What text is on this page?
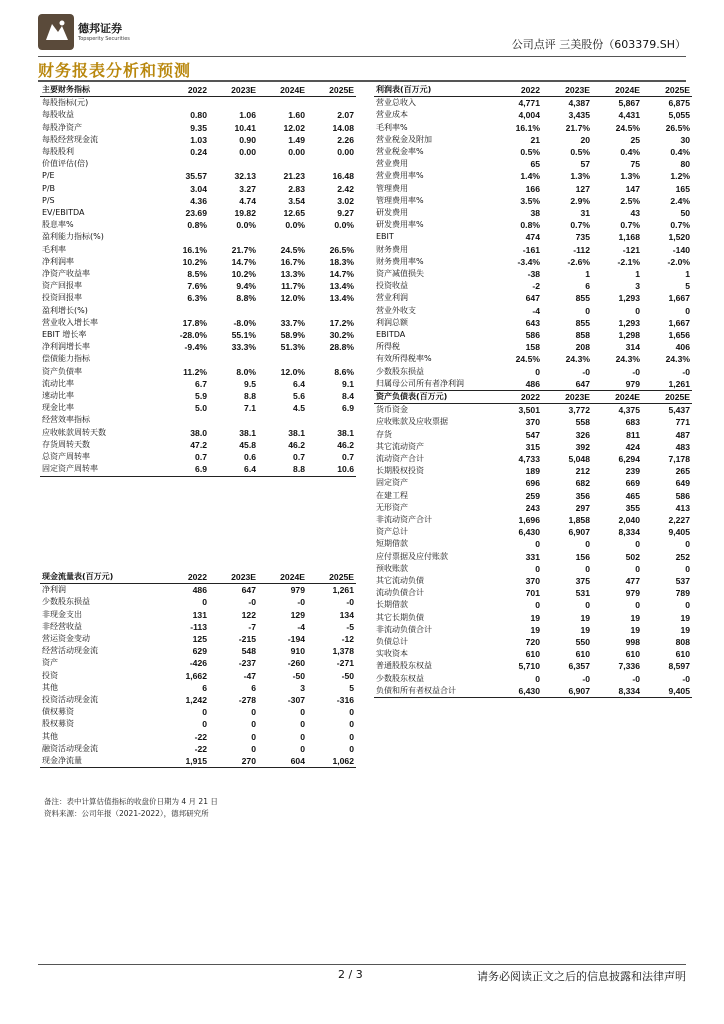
德邦证券
Topsperity Securities	公司点评 三美股份（603379.SH）
财务报表分析和预测
主要财务指标	2022	2023E	2024E	2025E
每股指标(元)				
每股收益	0.80	1.06	1.60	2.07
每股净资产	9.35	10.41	12.02	14.08
每股经营现金流	1.03	0.90	1.49	2.26
每股股利	0.24	0.00	0.00	0.00
价值评估(倍)				
P/E	35.57	32.13	21.23	16.48
P/B	3.04	3.27	2.83	2.42
P/S	4.36	4.74	3.54	3.02
EV/EBITDA	23.69	19.82	12.65	9.27
股息率%	0.8%	0.0%	0.0%	0.0%
盈利能力指标(%)				
毛利率	16.1%	21.7%	24.5%	26.5%
净利润率	10.2%	14.7%	16.7%	18.3%
净资产收益率	8.5%	10.2%	13.3%	14.7%
资产回报率	7.6%	9.4%	11.7%	13.4%
投资回报率	6.3%	8.8%	12.0%	13.4%
盈利增长(%)				
营业收入增长率	17.8%	-8.0%	33.7%	17.2%
EBIT 增长率	-28.0%	55.1%	58.9%	30.2%
净利润增长率	-9.4%	33.3%	51.3%	28.8%
偿债能力指标				
资产负债率	11.2%	8.0%	12.0%	8.6%
流动比率	6.7	9.5	6.4	9.1
速动比率	5.9	8.8	5.6	8.4
现金比率	5.0	7.1	4.5	6.9
经营效率指标				
应收帐款周转天数	38.0	38.1	38.1	38.1
存货周转天数	47.2	45.8	46.2	46.2
总资产周转率	0.7	0.6	0.7	0.7
固定资产周转率	6.9	6.4	8.8	10.6
利润表(百万元)	2022	2023E	2024E	2025E
营业总收入	4,771	4,387	5,867	6,875
营业成本	4,004	3,435	4,431	5,055
毛利率%	16.1%	21.7%	24.5%	26.5%
营业税金及附加	21	20	25	30
营业税金率%	0.5%	0.5%	0.4%	0.4%
营业费用	65	57	75	80
营业费用率%	1.4%	1.3%	1.3%	1.2%
管理费用	166	127	147	165
管理费用率%	3.5%	2.9%	2.5%	2.4%
研发费用	38	31	43	50
研发费用率%	0.8%	0.7%	0.7%	0.7%
EBIT	474	735	1,168	1,520
财务费用	-161	-112	-121	-140
财务费用率%	-3.4%	-2.6%	-2.1%	-2.0%
资产减值损失	-38	1	1	1
投资收益	-2	6	3	5
营业利润	647	855	1,293	1,667
营业外收支	-4	0	0	0
利润总额	643	855	1,293	1,667
EBITDA	586	858	1,298	1,656
所得税	158	208	314	406
有效所得税率%	24.5%	24.3%	24.3%	24.3%
少数股东损益	0	-0	-0	-0
归属母公司所有者净利润	486	647	979	1,261
资产负债表(百万元)	2022	2023E	2024E	2025E
货币资金	3,501	3,772	4,375	5,437
应收账款及应收票据	370	558	683	771
存货	547	326	811	487
其它流动资产	315	392	424	483
流动资产合计	4,733	5,048	6,294	7,178
长期股权投资	189	212	239	265
固定资产	696	682	669	649
在建工程	259	356	465	586
无形资产	243	297	355	413
非流动资产合计	1,696	1,858	2,040	2,227
资产总计	6,430	6,907	8,334	9,405
短期借款	0	0	0	0
应付票据及应付账款	331	156	502	252
预收账款	0	0	0	0
其它流动负债	370	375	477	537
流动负债合计	701	531	979	789
长期借款	0	0	0	0
其它长期负债	19	19	19	19
非流动负债合计	19	19	19	19
负债总计	720	550	998	808
实收资本	610	610	610	610
普通股股东权益	5,710	6,357	7,336	8,597
少数股东权益	0	-0	-0	-0
负债和所有者权益合计	6,430	6,907	8,334	9,405
现金流量表(百万元)	2022	2023E	2024E	2025E
净利润	486	647	979	1,261
少数股东损益	0	-0	-0	-0
非现金支出	131	122	129	134
非经营收益	-113	-7	-4	-5
营运资金变动	125	-215	-194	-12
经营活动现金流	629	548	910	1,378
资产	-426	-237	-260	-271
投资	1,662	-47	-50	-50
其他	6	6	3	5
投资活动现金流	1,242	-278	-307	-316
债权募资	0	0	0	0
股权募资	0	0	0	0
其他	-22	0	0	0
融资活动现金流	-22	0	0	0
现金净流量	1,915	270	604	1,062
备注：表中计算估值指标的收盘价日期为 4 月 21 日
资料来源：公司年报（2021-2022），德邦研究所
2 / 3	请务必阅读正文之后的信息披露和法律声明
